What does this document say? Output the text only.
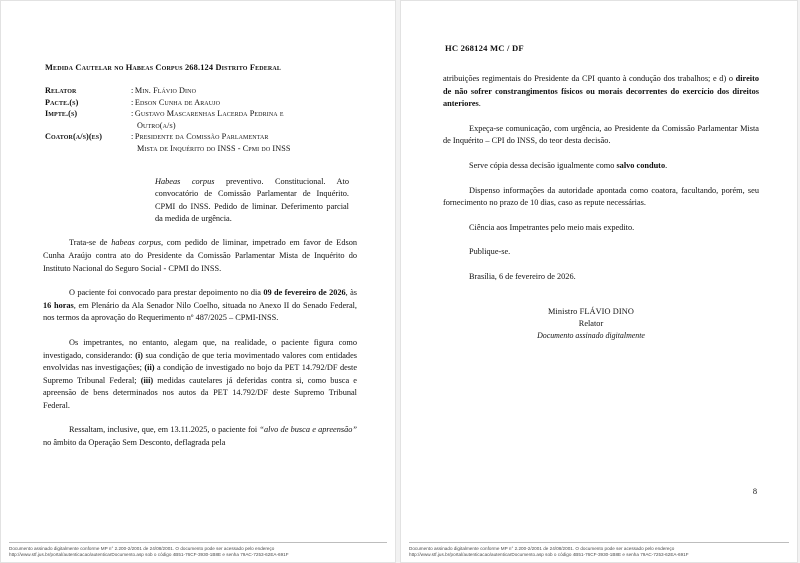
Medida Cautelar no Habeas Corpus 268.124 Distrito Federal
Relator	: Min. Flávio Dino
Pacte.(s)	: Edson Cunha de Araujo
Imptе.(s)	: Gustavo Mascarenhas Lacerda Pedrina e
Outro(a/s)
Coator(a/s)(es)	: Presidente da Comissão Parlamentar
Mista de Inquérito do INSS - Cpmi do INSS
Habeas corpus preventivo. Constitucional. Ato convocatório de Comissão Parlamentar de Inquérito. CPMI do INSS. Pedido de liminar. Deferimento parcial da medida de urgência.
Trata-se de habeas corpus, com pedido de liminar, impetrado em favor de Edson Cunha Araújo contra ato do Presidente da Comissão Parlamentar Mista de Inquérito do Instituto Nacional do Seguro Social - CPMI do INSS.
O paciente foi convocado para prestar depoimento no dia 09 de fevereiro de 2026, às 16 horas, em Plenário da Ala Senador Nilo Coelho, situada no Anexo II do Senado Federal, nos termos da aprovação do Requerimento nº 487/2025 – CPMI-INSS.
Os impetrantes, no entanto, alegam que, na realidade, o paciente figura como investigado, considerando: (i) sua condição de que teria movimentado valores com entidades envolvidas nas investigações; (ii) a condição de investigado no bojo da PET 14.792/DF deste Supremo Tribunal Federal; (iii) medidas cautelares já deferidas contra si, como busca e apreensão de bens determinados nos autos da PET 14.792/DF deste Supremo Tribunal Federal.
Ressaltam, inclusive, que, em 13.11.2025, o paciente foi “alvo de busca e apreensão” no âmbito da Operação Sem Desconto, deflagrada pela
Documento assinado digitalmente conforme MP n° 2.200-2/2001 de 24/08/2001. O documento pode ser acessado pelo endereço
http://www.stf.jus.br/portal/autenticacao/autenticarDocumento.asp sob o código 4B51-76CF-3930-1B8E e senha 79AC-7253-62EA-691F
HC 268124 MC / DF
atribuições regimentais do Presidente da CPI quanto à condução dos trabalhos; e d) o direito de não sofrer constrangimentos físicos ou morais decorrentes do exercício dos direitos anteriores.
Expeça-se comunicação, com urgência, ao Presidente da Comissão Parlamentar Mista de Inquérito – CPI do INSS, do teor desta decisão.
Serve cópia dessa decisão igualmente como salvo conduto.
Dispenso informações da autoridade apontada como coatora, facultando, porém, seu fornecimento no prazo de 10 dias, caso as repute necessárias.
Ciência aos Impetrantes pelo meio mais expedito.
Publique-se.
Brasília, 6 de fevereiro de 2026.
Ministro FLÁVIO DINO
Relator
Documento assinado digitalmente
8
Documento assinado digitalmente conforme MP n° 2.200-2/2001 de 24/08/2001. O documento pode ser acessado pelo endereço
http://www.stf.jus.br/portal/autenticacao/autenticarDocumento.asp sob o código 4B51-76CF-3930-1B8E e senha 79AC-7253-62EA-691F
